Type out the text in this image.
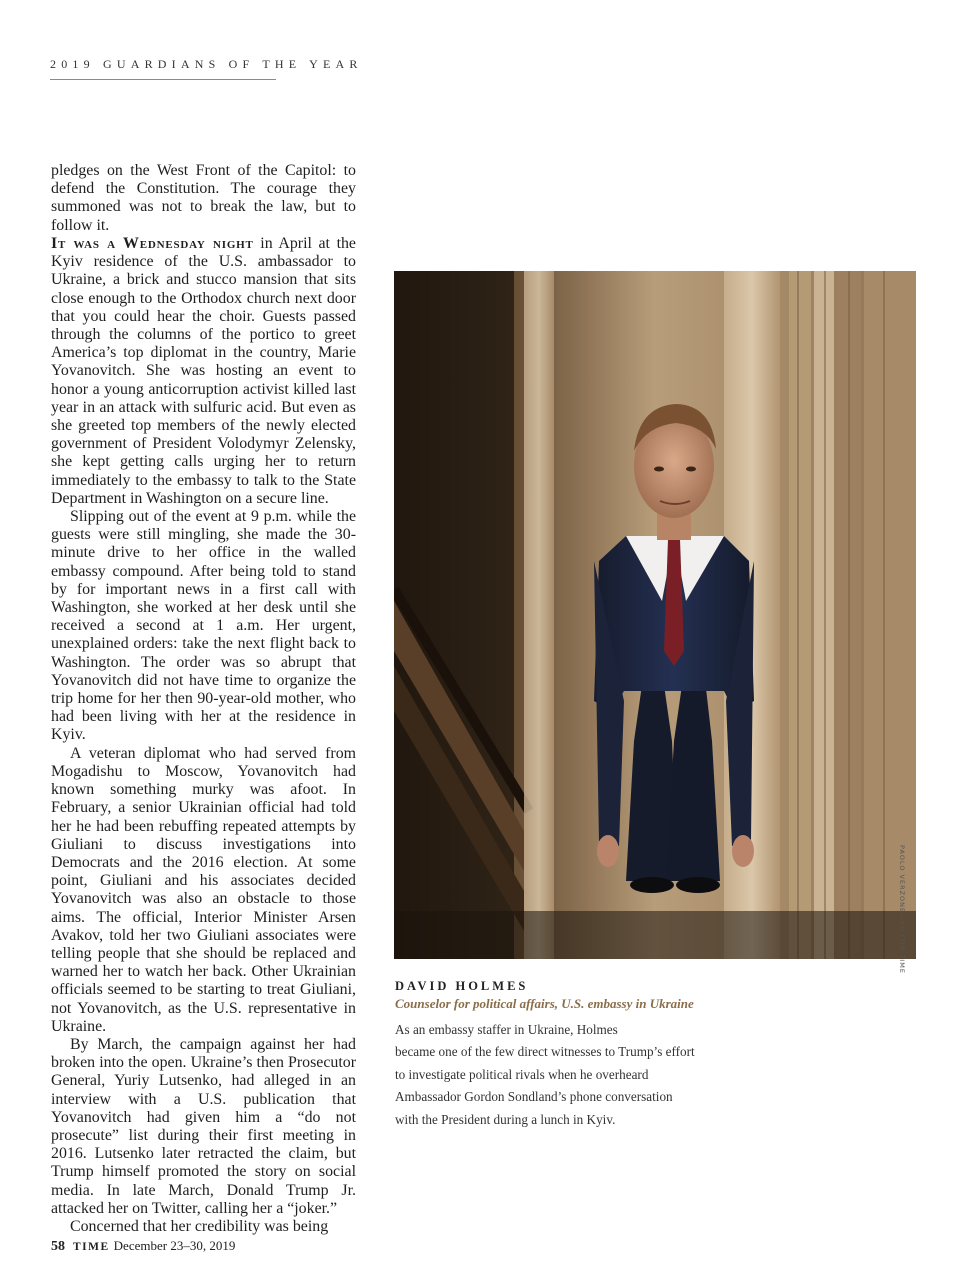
2019 GUARDIANS OF THE YEAR

pledges on the West Front of the Capitol: to defend the Constitution. The courage they summoned was not to break the law, but to follow it.

It was a Wednesday night in April at the Kyiv residence of the U.S. ambassador to Ukraine, a brick and stucco mansion that sits close enough to the Orthodox church next door that you could hear the choir. Guests passed through the columns of the portico to greet America’s top diplomat in the country, Marie Yovanovitch. She was hosting an event to honor a young anticorruption activist killed last year in an attack with sulfuric acid. But even as she greeted top members of the newly elected government of President Volodymyr Zelensky, she kept getting calls urging her to return immediately to the embassy to talk to the State Department in Washington on a secure line.

Slipping out of the event at 9 p.m. while the guests were still mingling, she made the 30-minute drive to her office in the walled embassy compound. After being told to stand by for important news in a first call with Washington, she worked at her desk until she received a second at 1 a.m. Her urgent, unexplained orders: take the next flight back to Washington. The order was so abrupt that Yovanovitch did not have time to organize the trip home for her then 90-year-old mother, who had been living with her at the residence in Kyiv.

A veteran diplomat who had served from Mogadishu to Moscow, Yovanovitch had known something murky was afoot. In February, a senior Ukrainian official had told her he had been rebuffing repeated attempts by Giuliani to discuss investigations into Democrats and the 2016 election. At some point, Giuliani and his associates decided Yovanovitch was also an obstacle to those aims. The official, Interior Minister Arsen Avakov, told her two Giuliani associates were telling people that she should be replaced and warned her to watch her back. Other Ukrainian officials seemed to be starting to treat Giuliani, not Yovanovitch, as the U.S. representative in Ukraine.

By March, the campaign against her had broken into the open. Ukraine’s then Prosecutor General, Yuriy Lutsenko, had alleged in an interview with a U.S. publication that Yovanovitch had given him a “do not prosecute” list during their first meeting in 2016. Lutsenko later retracted the claim, but Trump himself promoted the story on social media. In late March, Donald Trump Jr. attacked her on Twitter, calling her a “joker.”

Concerned that her credibility was being

PAOLO VERZONE—VU FOR TIME
DAVID HOLMES
Counselor for political affairs, U.S. embassy in Ukraine
As an embassy staffer in Ukraine, Holmes
became one of the few direct witnesses to Trump’s effort
to investigate political rivals when he overheard
Ambassador Gordon Sondland’s phone conversation
with the President during a lunch in Kyiv.
58 TIME December 23–30, 2019
